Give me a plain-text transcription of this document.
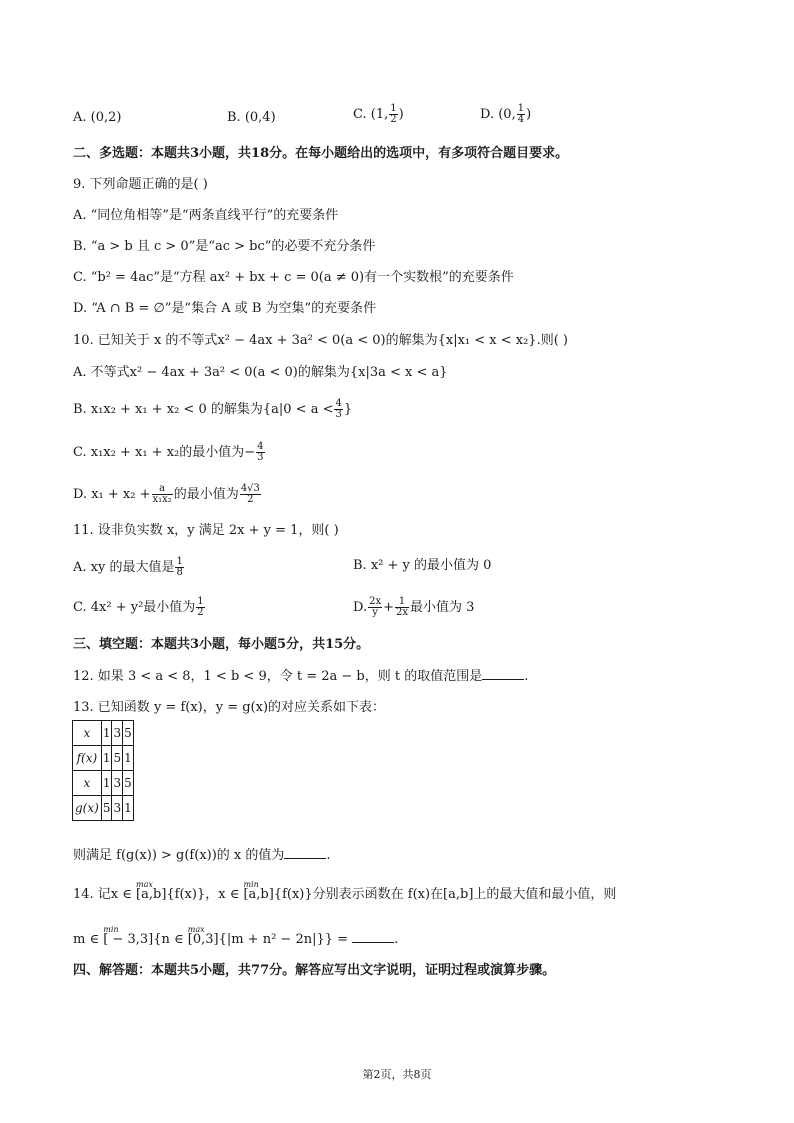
A. (0,2)	B. (0,4)	C. (1, $\frac{1}{2}$ )	D. (0, $\frac{1}{4}$ )
二、多选题：本题共3小题，共18分。在每小题给出的选项中，有多项符合题目要求。
9. 下列命题正确的是( )
A. “同位角相等”是“两条直线平行”的充要条件
B. “a > b 且 c > 0”是“ac > bc”的必要不充分条件
C. “b² = 4ac”是“方程 ax² + bx + c = 0(a ≠ 0)有一个实数根”的充要条件
D. “A ∩ B = ∅”是“集合 A 或 B 为空集”的充要条件
10. 已知关于 x 的不等式x² − 4ax + 3a² < 0(a < 0)的解集为{x|x₁ < x < x₂}.则( )
A. 不等式x² − 4ax + 3a² < 0(a < 0)的解集为{x|3a < x < a}
B. x₁x₂ + x₁ + x₂ < 0 的解集为{$a|0 < a < \frac{4}{3}$ }
C. x₁x₂ + x₁ + x₂的最小值为− $\frac{4}{3}$
D. $x_1 + x_2 + \frac{a}{\text{x₁x₂}}$ 的最小值为 $\frac{4√3}{2}$
11. 设非负实数 x，y 满足 2x + y = 1，则( )
A. xy 的最大值是 $\frac{1}{8}$	B. x² + y 的最小值为 0
C. 4x² + y²最小值为 $\frac{1}{2}$	D. $\frac{2x}{y} + \frac{1}{2x}$ 最小值为 3
三、填空题：本题共3小题，每小题5分，共15分。
12. 如果 3 < a < 8，1 < b < 9，令 t = 2a − b，则 t 的取值范围是	.
13. 已知函数 y = f(x)，y = g(x)的对应关系如下表：
x	1	3	5
f(x)	1	5	1
x	1	3	5
g(x)	5	3	1
则满足 f(g(x)) > g(f(x))的 x 的值为	.
14. 记x ∈
max
[a,b]{f(x)}，x ∈
min
[a,b]{f(x)}分别表示函数在 f(x)在[a,b]上的最大值和最小值，则
m ∈
min
[ − 3,3]{n ∈
max
[0,3]{|m + n² − 2n|}} =	.
四、解答题：本题共5小题，共77分。解答应写出文字说明，证明过程或演算步骤。
第2页，共8页
